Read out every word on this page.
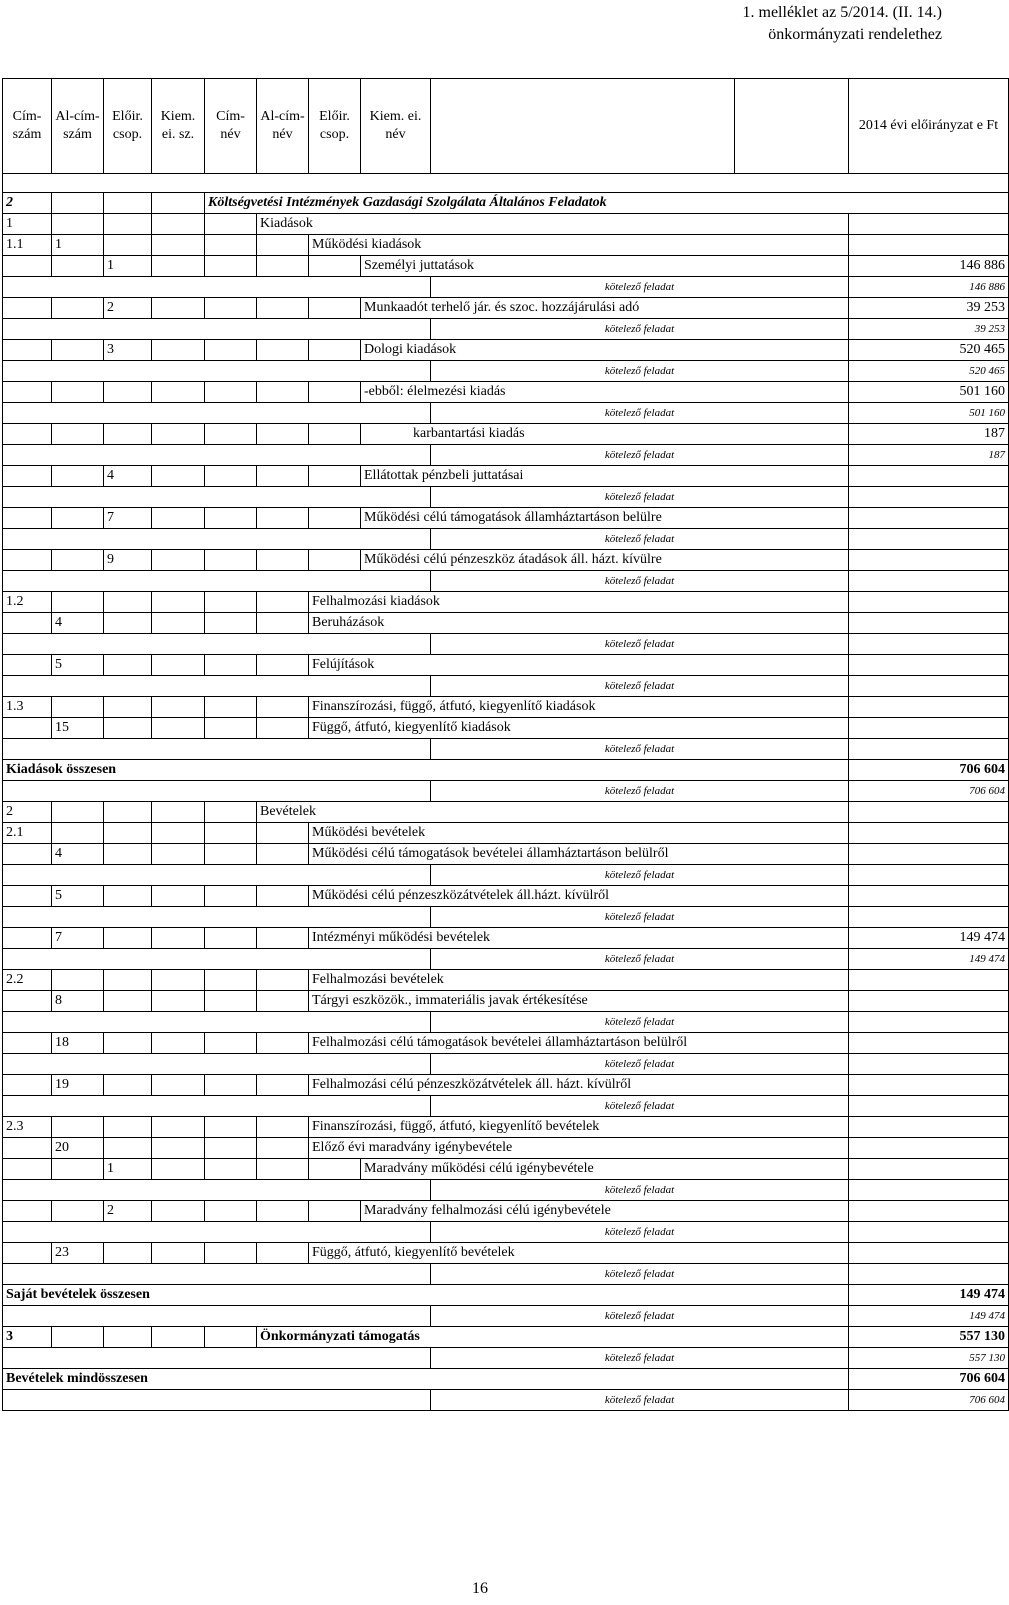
1. melléklet az 5/2014. (II. 14.)
önkormányzati rendelethez
Cím-szám	Al-cím-szám	Előir. csop.	Kiem. ei. sz.	Cím-név	Al-cím-név	Előir. csop.	Kiem. ei. név			2014 évi előirányzat e Ft	

2				Költségvetési Intézmények Gazdasági Szolgálata Általános Feladatok							
1					Kiadások						
1.1	1					Működési kiadások					
		1					Személyi juttatások			146 886	
								kötelező feladat		146 886	
		2					Munkaadót terhelő jár. és szoc. hozzájárulási adó			39 253	
								kötelező feladat		39 253	
		3					Dologi kiadások			520 465	
								kötelező feladat		520 465	
							-ebből: élelmezési kiadás			501 160	
								kötelező feladat		501 160	
							karbantartási kiadás			187	
								kötelező feladat		187	
		4					Ellátottak pénzbeli juttatásai				
								kötelező feladat			
		7					Működési célú támogatások államháztartáson belülre				
								kötelező feladat			
		9					Működési célú pénzeszköz átadások áll. házt. kívülre				
								kötelező feladat			
1.2						Felhalmozási kiadások					
	4					Beruházások					
								kötelező feladat			
	5					Felújítások					
								kötelező feladat			
1.3						Finanszírozási, függő, átfutó, kiegyenlítő kiadások					
	15					Függő, átfutó, kiegyenlítő kiadások					
								kötelező feladat			
Kiadások összesen										706 604	
								kötelező feladat		706 604	
2					Bevételek						
2.1						Működési bevételek					
	4					Működési célú támogatások bevételei államháztartáson belülről					
								kötelező feladat			
	5					Működési célú pénzeszközátvételek áll.házt. kívülről					
								kötelező feladat			
	7					Intézményi működési bevételek				149 474	
								kötelező feladat		149 474	
2.2						Felhalmozási bevételek					
	8					Tárgyi eszközök., immateriális javak értékesítése					
								kötelező feladat			
	18					Felhalmozási célú támogatások bevételei államháztartáson belülről					
								kötelező feladat			
	19					Felhalmozási célú pénzeszközátvételek áll. házt. kívülről					
								kötelező feladat			
2.3						Finanszírozási, függő, átfutó, kiegyenlítő bevételek					
	20					Előző évi maradvány igénybevétele					
		1					Maradvány működési célú igénybevétele				
								kötelező feladat			
		2					Maradvány felhalmozási célú igénybevétele				
								kötelező feladat			
	23					Függő, átfutó, kiegyenlítő bevételek					
								kötelező feladat			
Saját bevételek összesen										149 474	
								kötelező feladat		149 474	
3					Önkormányzati támogatás					557 130	
								kötelező feladat		557 130	
Bevételek mindösszesen										706 604	
								kötelező feladat		706 604	
16
